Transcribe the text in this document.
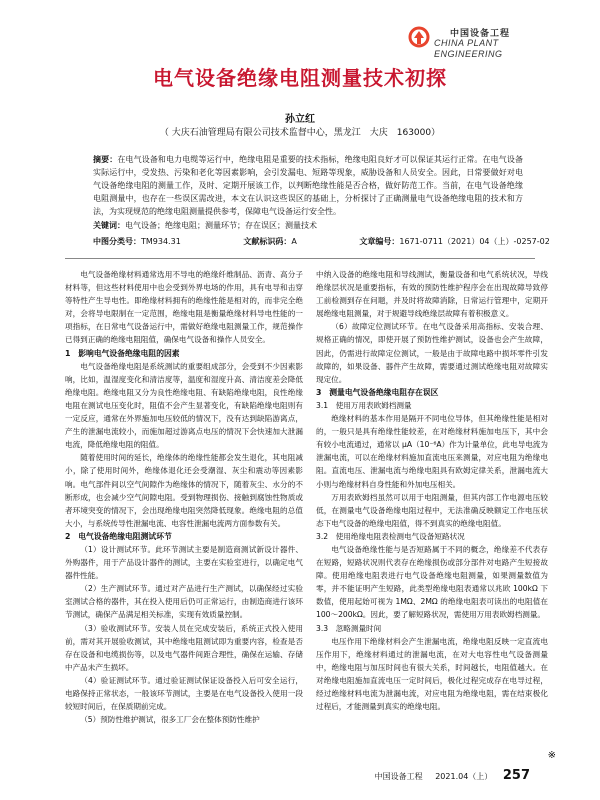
中国设备工程
CHINA PLANT
ENGINEERING
电气设备绝缘电阻测量技术初探
孙立红
（ 大庆石油管理局有限公司技术监督中心，黑龙江　大庆　163000）
摘要：在电气设备和电力电缆等运行中，绝缘电阻是重要的技术指标，绝缘电阻良好才可以保证其运行正常。在电气设备实际运行中，受发热、污染和老化等因素影响，会引发漏电、短路等现象，威胁设备和人员安全。因此，日常要做好对电气设备绝缘电阻的测量工作，及时、定期开展该工作，以判断绝缘性能是否合格，做好防范工作。当前，在电气设备绝缘电阻测量中，也存在一些误区需改进，本文在认识这些误区的基础上，分析探讨了正确测量电气设备绝缘电阻的技术和方法，为实现规范的绝缘电阻测量提供参考，保障电气设备运行安全性。
关键词：电气设备；绝缘电阻；测量环节；存在误区；测量技术
中图分类号：TM934.31	文献标识码：A	文章编号：1671-0711（2021）04（上）-0257-02

电气设备绝缘材料通常选用不导电的绝缘纤维制品、沥青、高分子材料等，但这些材料使用中也会受到外界电场的作用，具有电导和击穿等特性产生导电性。即绝缘材料拥有的绝缘性能是相对的，而非完全绝对，会将导电限制在一定范围，绝缘电阻是衡量绝缘材料导电性能的一项指标，在日常电气设备运行中，需做好绝缘电阻测量工作，规范操作已得到正确的绝缘电阻阻值，确保电气设备和操作人员安全。

1　影响电气设备绝缘电阻的因素

电气设备绝缘电阻是系统测试的重要组成部分，会受到不少因素影响，比如，温湿度变化和清洁度等，温度和湿度升高、清洁度差会降低绝缘电阻。绝缘电阻又分为良性绝缘电阻、有缺陷绝缘电阻，良性绝缘电阻在测试电压变化时，阻值不会产生显著变化，有缺陷绝缘电阻则有一定反应，通常在外界施加电压较低的情况下，没有达到缺陷游离点，产生的泄漏电流较小，而施加超过游离点电压的情况下会快速加大泄漏电流，降低绝缘电阻的阻值。

随着使用时间的延长，绝缘体的绝缘性能都会发生退化，其电阻减小，除了使用时间外，绝缘体退化还会受潮湿、灰尘和震动等因素影响。电气部件间以空气间隙作为绝缘体的情况下，随着灰尘、水分的不断形成，也会减少空气间隙电阻。受到物理损伤、接触到腐蚀性物质或者环境突变的情况下，会出现绝缘电阻突然降低现象。绝缘电阻的总值大小，与系统传导性泄漏电流、电容性泄漏电流两方面参数有关。

2　电气设备绝缘电阻测试环节

（1）设计测试环节。此环节测试主要是制造商测试新设计器件、外购器件，用于产品设计器件的测试，主要在实验室进行，以确定电气器件性能。

（2）生产测试环节。通过对产品进行生产测试，以确保经过实验室测试合格的器件，其在投入使用后仍可正常运行，由制造商进行该环节测试，确保产品满足相关标准，实现有效质量控制。

（3）验收测试环节。安装人员在完成安装后，系统正式投入使用前，需对其开展验收测试，其中绝缘电阻测试即为重要内容，检查是否存在设备和电缆损伤等，以及电气器件间距合理性，确保在运输、存储中产品未产生损坏。

（4）验证测试环节。通过验证测试保证设备投入后可安全运行，电路保持正常状态，一般该环节测试，主要是在电气设备投入使用一段较短时间后，在保质期前完成。

（5）预防性维护测试，很多工厂会在整体预防性维护

中纳入设备的绝缘电阻和导线测试，衡量设备和电气系统状况，导线绝缘层状况是重要指标，有效的预防性维护程序会在出现故障导致停工前检测到存在问题，并及时将故障消除，日常运行管理中，定期开展绝缘电阻测量，对于规避导线绝缘层故障有着积极意义。

（6）故障定位测试环节。在电气设备采用高指标、安装合理、规格正确的情况，即使开展了预防性维护测试，设备也会产生故障，因此，仍需进行故障定位测试，一般是由于故障电路中损坏零件引发故障的，如果设备、器件产生故障，需要通过测试绝缘电阻对故障实现定位。

3　测量电气设备绝缘电阻存在误区
3.1　使用万用表欧姆档测量

绝缘材料的基本作用是隔开不同电位导体，但其绝缘性能是相对的，一般只是具有绝缘性能较差，在对绝缘材料施加电压下，其中会有较小电流通过，通常以 μA（10⁻⁶A）作为计量单位，此电导电流为泄漏电流，可以在绝缘材料施加直流电压来测量，对应电阻为绝缘电阻。直流电压、泄漏电流与绝缘电阻具有欧姆定律关系，泄漏电流大小则与绝缘材料自身性能和外加电压相关。

万用表欧姆档虽然可以用于电阻测量，但其内部工作电源电压较低，在测量电气设备绝缘电阻过程中，无法准确反映额定工作电压状态下电气设备的绝缘电阻值，得不到真实的绝缘电阻值。

3.2　使用绝缘电阻表检测电气设备短路状况

电气设备绝缘性能与是否短路属于不同的概念，绝缘差不代表存在短路，短路状况则代表存在绝缘损伤或部分部件对电路产生短接故障。使用绝缘电阻表进行电气设备绝缘电阻测量，如果测量数值为零，并不能证明产生短路，此类型绝缘电阻表通常以兆欧 100kΩ 下数值，使用起始可视为 1MΩ、2MΩ 的绝缘电阻表可读出的电阻值在 100～200kΩ。因此，要了解短路状况，需使用万用表欧姆档测量。

3.3　忽略测量时间

电压作用下绝缘材料会产生泄漏电流，绝缘电阻反映一定直流电压作用下，绝缘材料通过的泄漏电流，在对大电容性电气设备测量中，绝缘电阻与加压时间也有很大关系，时间越长，电阻值越大。在对绝缘电阻施加直流电压一定时间后，极化过程完成存在电导过程，经过绝缘材料电流为泄漏电流，对应电阻为绝缘电阻，需在结束极化过程后，才能测量到真实的绝缘电阻。

※
中国设备工程 2021.04（上） 257
